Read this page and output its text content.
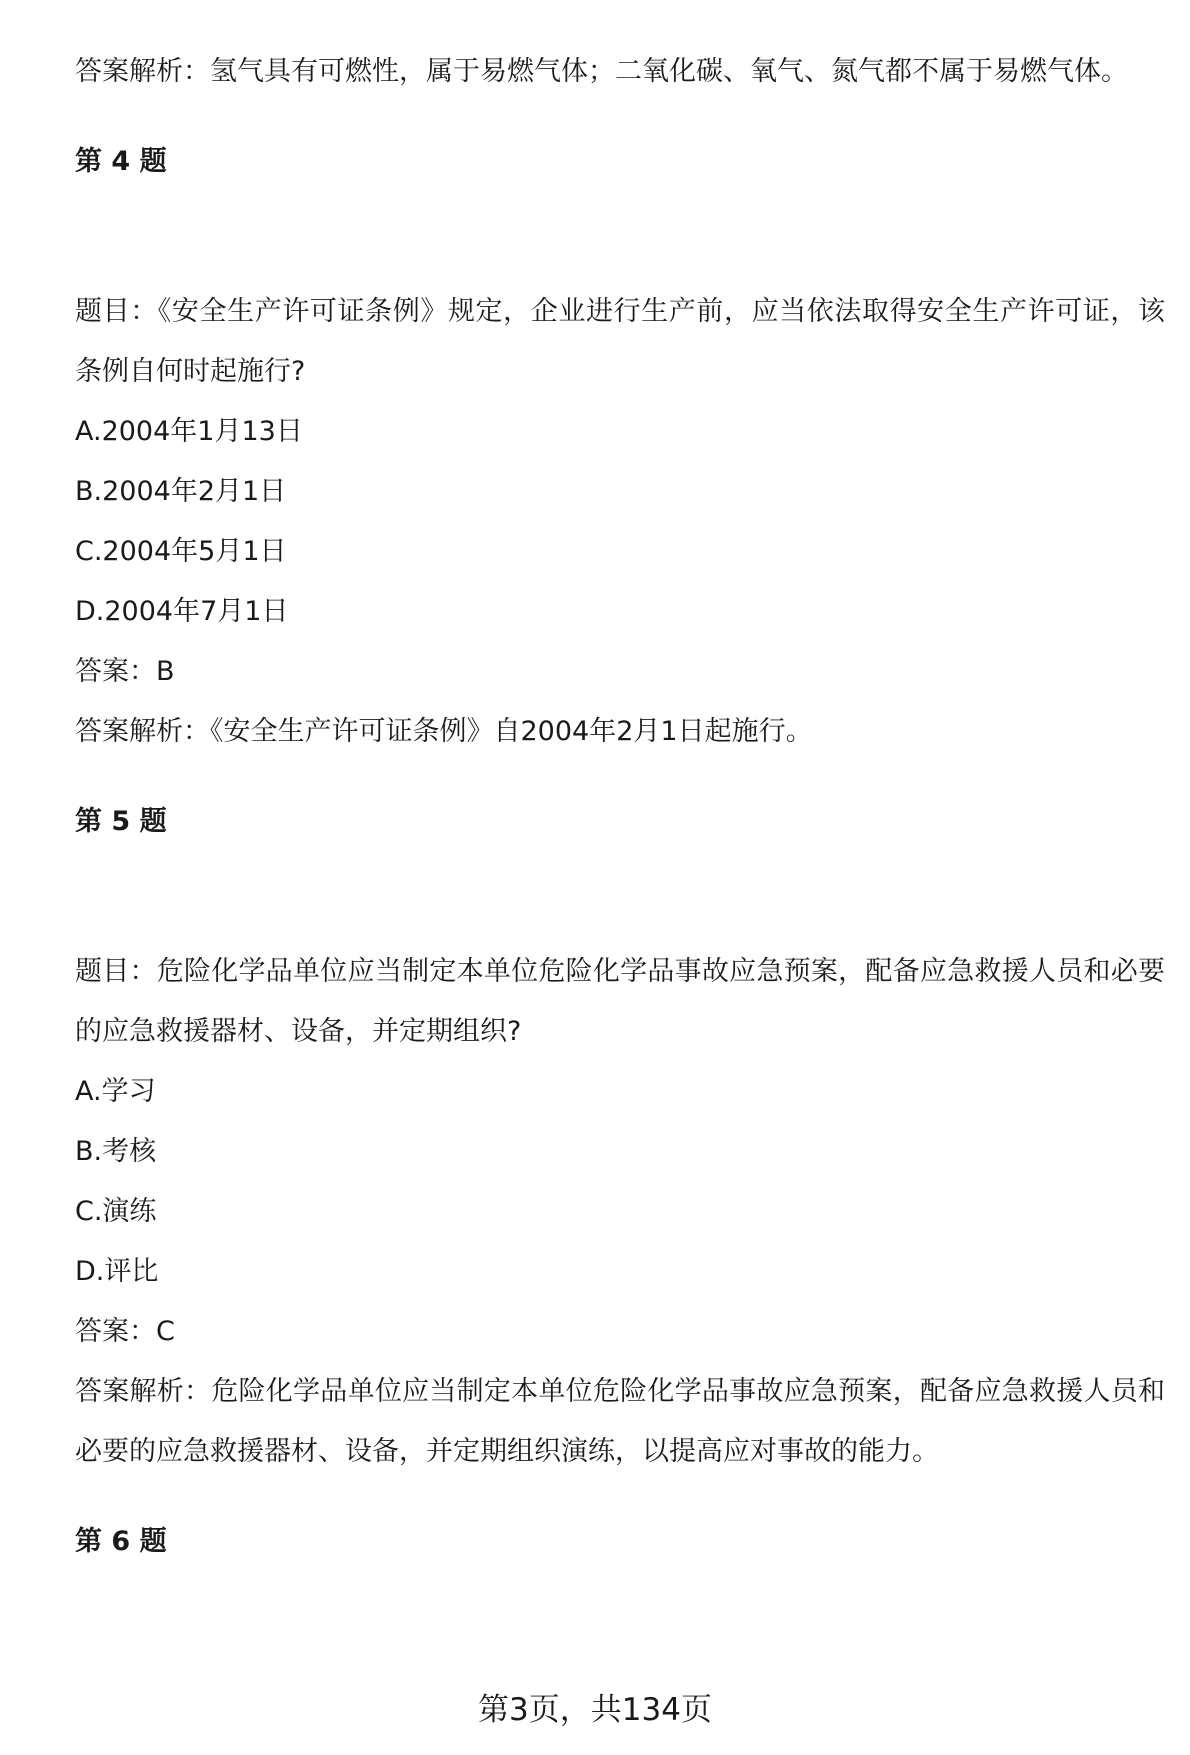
答案解析：氢气具有可燃性，属于易燃气体；二氧化碳、氧气、氮气都不属于易燃气体。
第 4 题
题目：《安全生产许可证条例》规定，企业进行生产前，应当依法取得安全生产许可证，该条例自何时起施行?
A.2004年1月13日
B.2004年2月1日
C.2004年5月1日
D.2004年7月1日
答案：B
答案解析：《安全生产许可证条例》自2004年2月1日起施行。
第 5 题
题目：危险化学品单位应当制定本单位危险化学品事故应急预案，配备应急救援人员和必要的应急救援器材、设备，并定期组织?
A.学习
B.考核
C.演练
D.评比
答案：C
答案解析：危险化学品单位应当制定本单位危险化学品事故应急预案，配备应急救援人员和必要的应急救援器材、设备，并定期组织演练，以提高应对事故的能力。
第 6 题
第3页，共134页
